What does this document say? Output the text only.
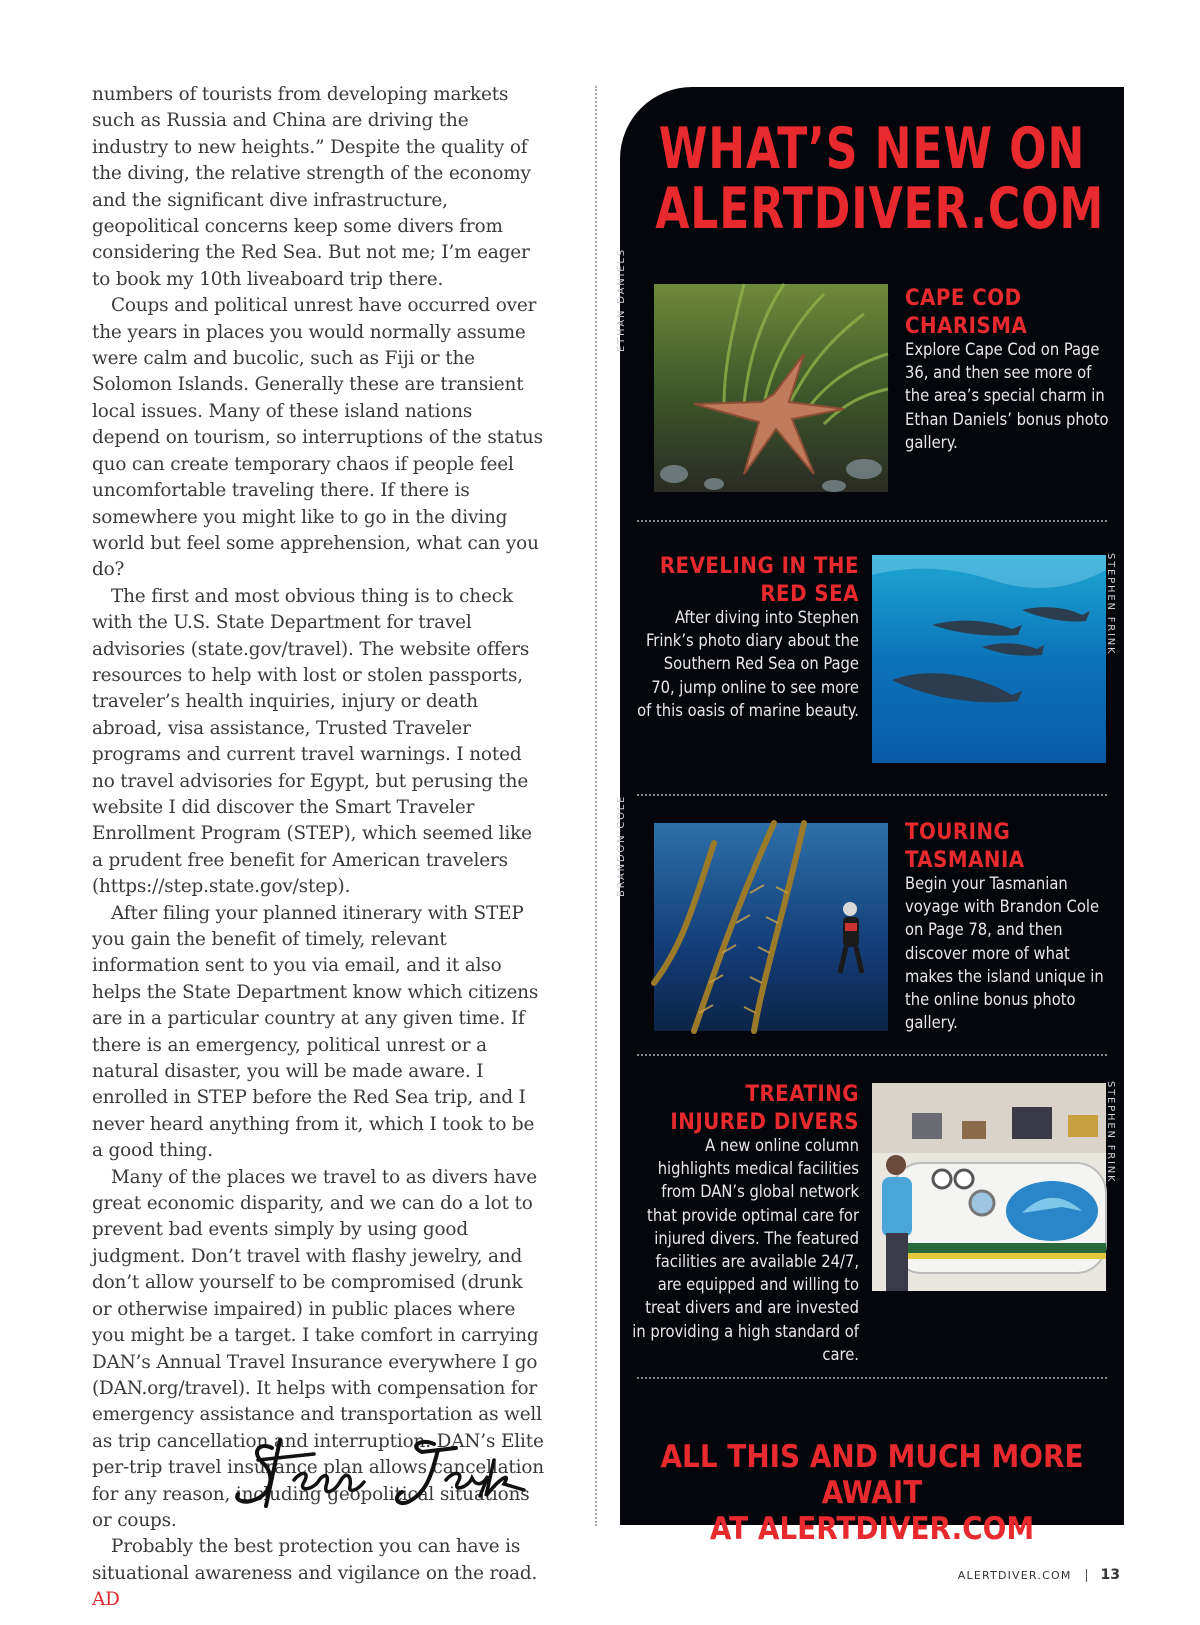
numbers of tourists from developing markets such as Russia and China are driving the industry to new heights.” Despite the quality of the diving, the relative strength of the economy and the significant dive infrastructure, geopolitical concerns keep some divers from considering the Red Sea. But not me; I’m eager to book my 10th liveaboard trip there.

Coups and political unrest have occurred over the years in places you would normally assume were calm and bucolic, such as Fiji or the Solomon Islands. Generally these are transient local issues. Many of these island nations depend on tourism, so interruptions of the status quo can create temporary chaos if people feel uncomfortable traveling there. If there is somewhere you might like to go in the diving world but feel some apprehension, what can you do?

The first and most obvious thing is to check with the U.S. State Department for travel advisories (state.gov/travel). The website offers resources to help with lost or stolen passports, traveler’s health inquiries, injury or death abroad, visa assistance, Trusted Traveler programs and current travel warnings. I noted no travel advisories for Egypt, but perusing the website I did discover the Smart Traveler Enrollment Program (STEP), which seemed like a prudent free benefit for American travelers (https://step.state.gov/step).

After filing your planned itinerary with STEP you gain the benefit of timely, relevant information sent to you via email, and it also helps the State Department know which citizens are in a particular country at any given time. If there is an emergency, political unrest or a natural disaster, you will be made aware. I enrolled in STEP before the Red Sea trip, and I never heard anything from it, which I took to be a good thing.

Many of the places we travel to as divers have great economic disparity, and we can do a lot to prevent bad events simply by using good judgment. Don’t travel with flashy jewelry, and don’t allow yourself to be compromised (drunk or otherwise impaired) in public places where you might be a target. I take comfort in carrying DAN’s Annual Travel Insurance everywhere I go (DAN.org/travel). It helps with compensation for emergency assistance and transportation as well as trip cancellation and interruption. DAN’s Elite per-trip travel insurance plan allows cancellation for any reason, including geopolitical situations or coups.

Probably the best protection you can have is situational awareness and vigilance on the road. AD

WHAT’S NEW ON
ALERTDIVER.COM
ETHAN DANIELS	CAPE COD
CHARISMA
Explore Cape Cod on Page 36, and then see more of the area’s special charm in Ethan Daniels’ bonus photo gallery.
REVELING IN THE
RED SEA
After diving into Stephen Frink’s photo diary about the Southern Red Sea on Page 70, jump online to see more of this oasis of marine beauty.
STEPHEN FRINK
BRANDON COLE	TOURING
TASMANIA
Begin your Tasmanian voyage with Brandon Cole on Page 78, and then discover more of what makes the island unique in the online bonus photo gallery.
TREATING
INJURED DIVERS
A new online column highlights medical facilities from DAN’s global network that provide optimal care for injured divers. The featured facilities are available 24/7, are equipped and willing to treat divers and are invested in providing a high standard of care.
STEPHEN FRINK
ALL THIS AND MUCH MORE AWAIT
AT ALERTDIVER.COM
ALERTDIVER.COM 13
